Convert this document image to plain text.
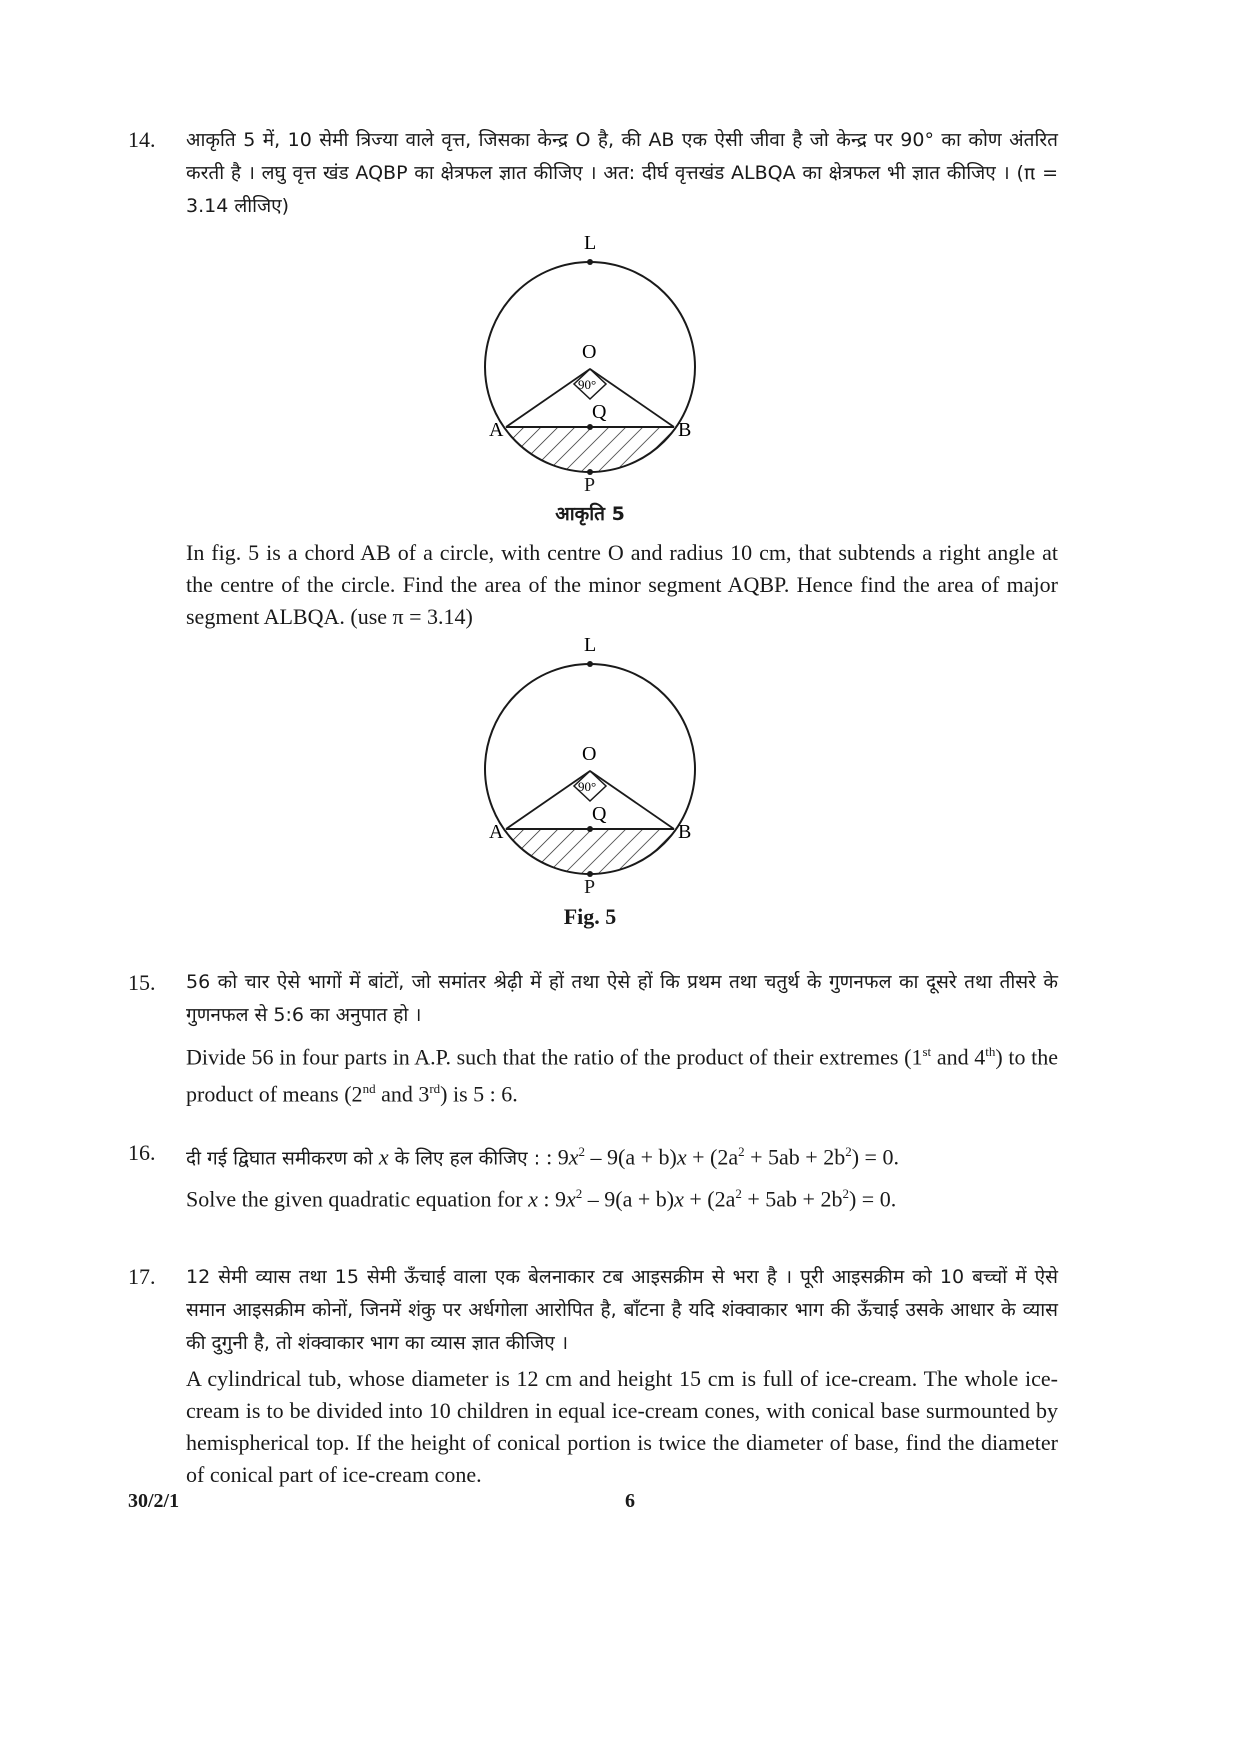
14. आकृति 5 में, 10 सेमी त्रिज्या वाले वृत्त, जिसका केन्द्र O है, की AB एक ऐसी जीवा है जो केन्द्र पर 90° का कोण अंतरित करती है । लघु वृत्त खंड AQBP का क्षेत्रफल ज्ञात कीजिए । अत: दीर्घ वृत्तखंड ALBQA का क्षेत्रफल भी ज्ञात कीजिए । (π = 3.14 लीजिए)
L
O
90°
Q
A	B
P
आकृति 5
In fig. 5 is a chord AB of a circle, with centre O and radius 10 cm, that subtends a right angle at the centre of the circle. Find the area of the minor segment AQBP. Hence find the area of major segment ALBQA. (use π = 3.14)
L
O
90°
Q
A	B
P
Fig. 5
15. 56 को चार ऐसे भागों में बांटों, जो समांतर श्रेढ़ी में हों तथा ऐसे हों कि प्रथम तथा चतुर्थ के गुणनफल का दूसरे तथा तीसरे के गुणनफल से 5:6 का अनुपात हो ।
Divide 56 in four parts in A.P. such that the ratio of the product of their extremes (1st and 4th) to the product of means (2nd and 3rd) is 5 : 6.
16. दी गई द्विघात समीकरण को x के लिए हल कीजिए : : $9x^2 - 9(a + b)x + (2a^2 + 5ab + 2b^2) = 0$.
Solve the given quadratic equation for x : $9x^2 - 9(a + b)x + (2a^2 + 5ab + 2b^2) = 0$.
17. 12 सेमी व्यास तथा 15 सेमी ऊँचाई वाला एक बेलनाकार टब आइसक्रीम से भरा है । पूरी आइसक्रीम को 10 बच्चों में ऐसे समान आइसक्रीम कोनों, जिनमें शंकु पर अर्धगोला आरोपित है, बाँटना है यदि शंक्वाकार भाग की ऊँचाई उसके आधार के व्यास की दुगुनी है, तो शंक्वाकार भाग का व्यास ज्ञात कीजिए ।
A cylindrical tub, whose diameter is 12 cm and height 15 cm is full of ice-cream. The whole ice-cream is to be divided into 10 children in equal ice-cream cones, with conical base surmounted by hemispherical top. If the height of conical portion is twice the diameter of base, find the diameter of conical part of ice-cream cone.
30/2/1	6
